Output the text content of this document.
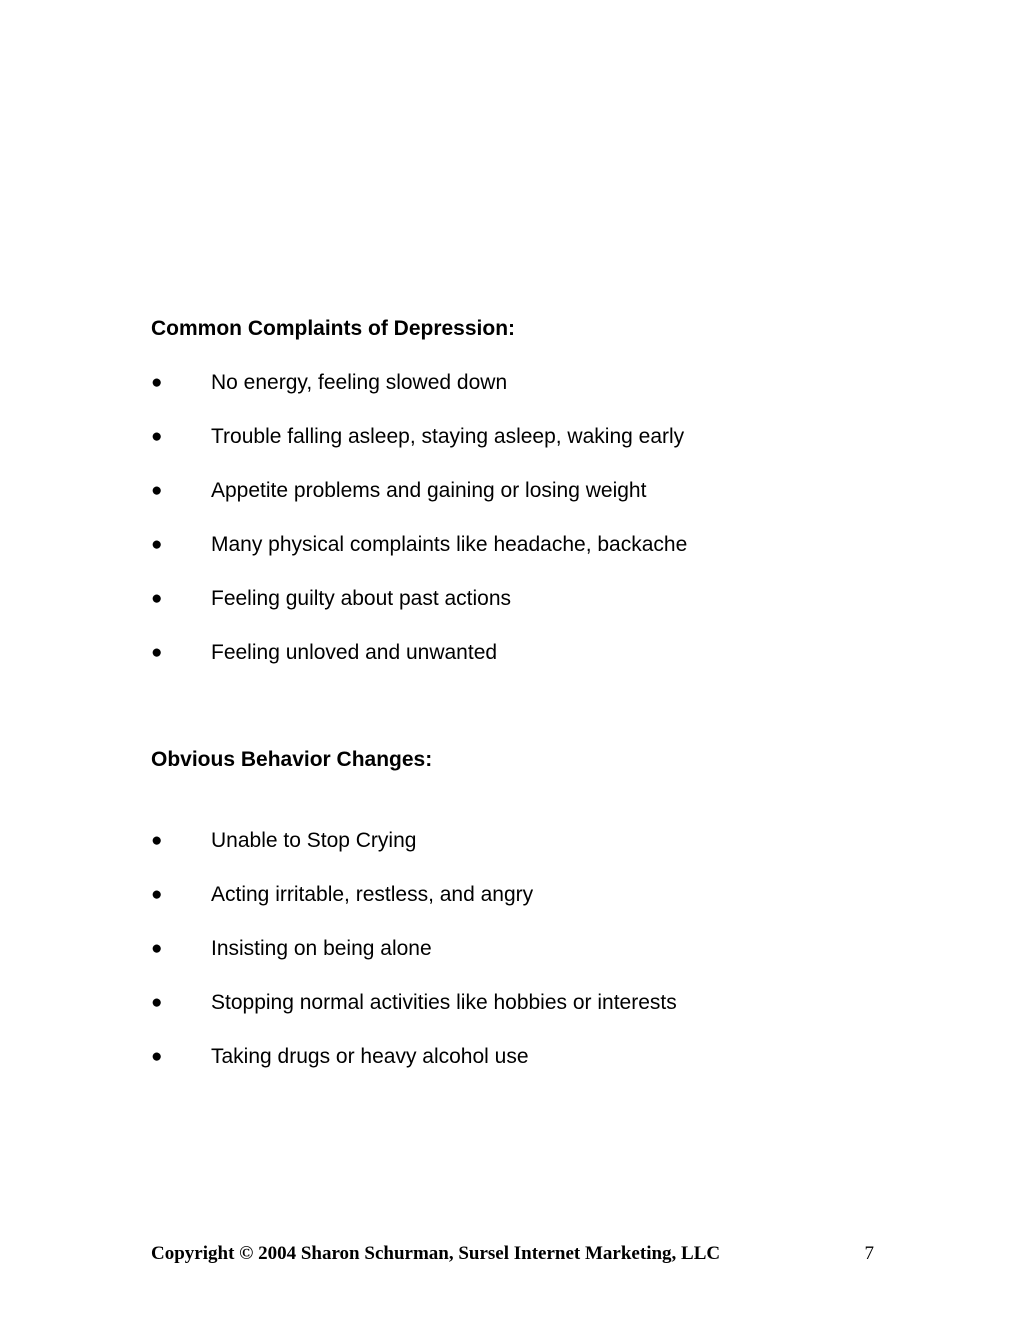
Common Complaints of Depression:
●	No energy, feeling slowed down
●	Trouble falling asleep, staying asleep, waking early
●	Appetite problems and gaining or losing weight
●	Many physical complaints like headache, backache
●	Feeling guilty about past actions
●	Feeling unloved and unwanted
Obvious Behavior Changes:
●	Unable to Stop Crying
●	Acting irritable, restless, and angry
●	Insisting on being alone
●	Stopping normal activities like hobbies or interests
●	Taking drugs or heavy alcohol use
Copyright © 2004 Sharon Schurman, Sursel Internet Marketing, LLC	7
